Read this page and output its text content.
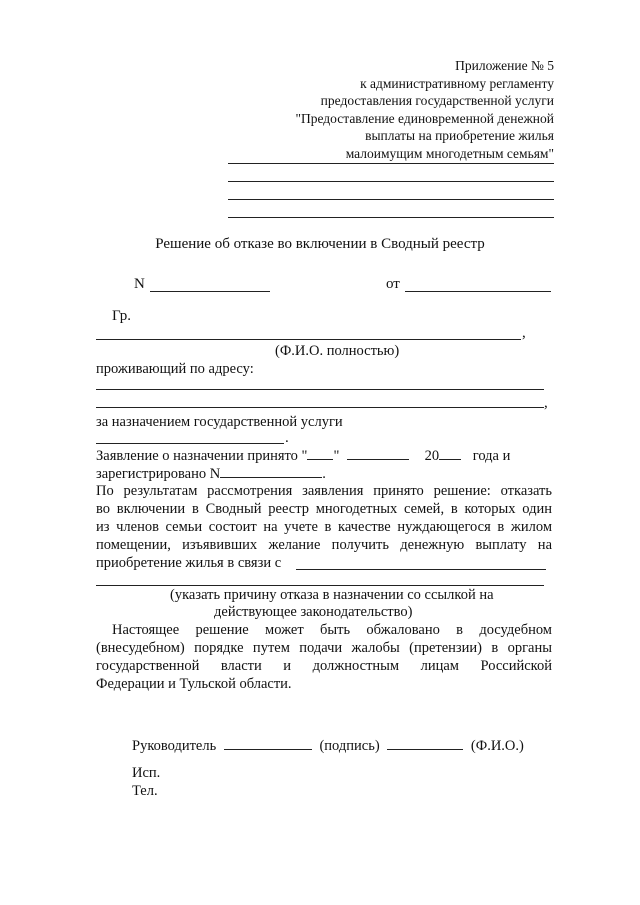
Приложение № 5
к административному регламенту
предоставления государственной услуги
"Предоставление единовременной денежной
выплаты на приобретение жилья
малоимущим многодетным семьям"
Решение об отказе во включении в Сводный реестр
N	от
Гр.
,
(Ф.И.О. полностью)
проживающий по адресу:
,
за назначением государственной услуги
.
Заявление о назначении принято " "	20 года и
зарегистрировано N	.
По результатам рассмотрения заявления принято решение: отказать
во включении в Сводный реестр многодетных семей, в которых один
из членов семьи состоит на учете в качестве нуждающегося в жилом
помещении, изъявивших желание получить денежную выплату на
приобретение жилья в связи с
(указать причину отказа в назначении со ссылкой на
действующее законодательство)
Настоящее решение может быть обжаловано в досудебном
(внесудебном) порядке путем подачи жалобы (претензии) в органы
государственной власти и должностным лицам Российской
Федерации и Тульской области.
Руководитель	(подпись)	(Ф.И.О.)
Исп.
Тел.
